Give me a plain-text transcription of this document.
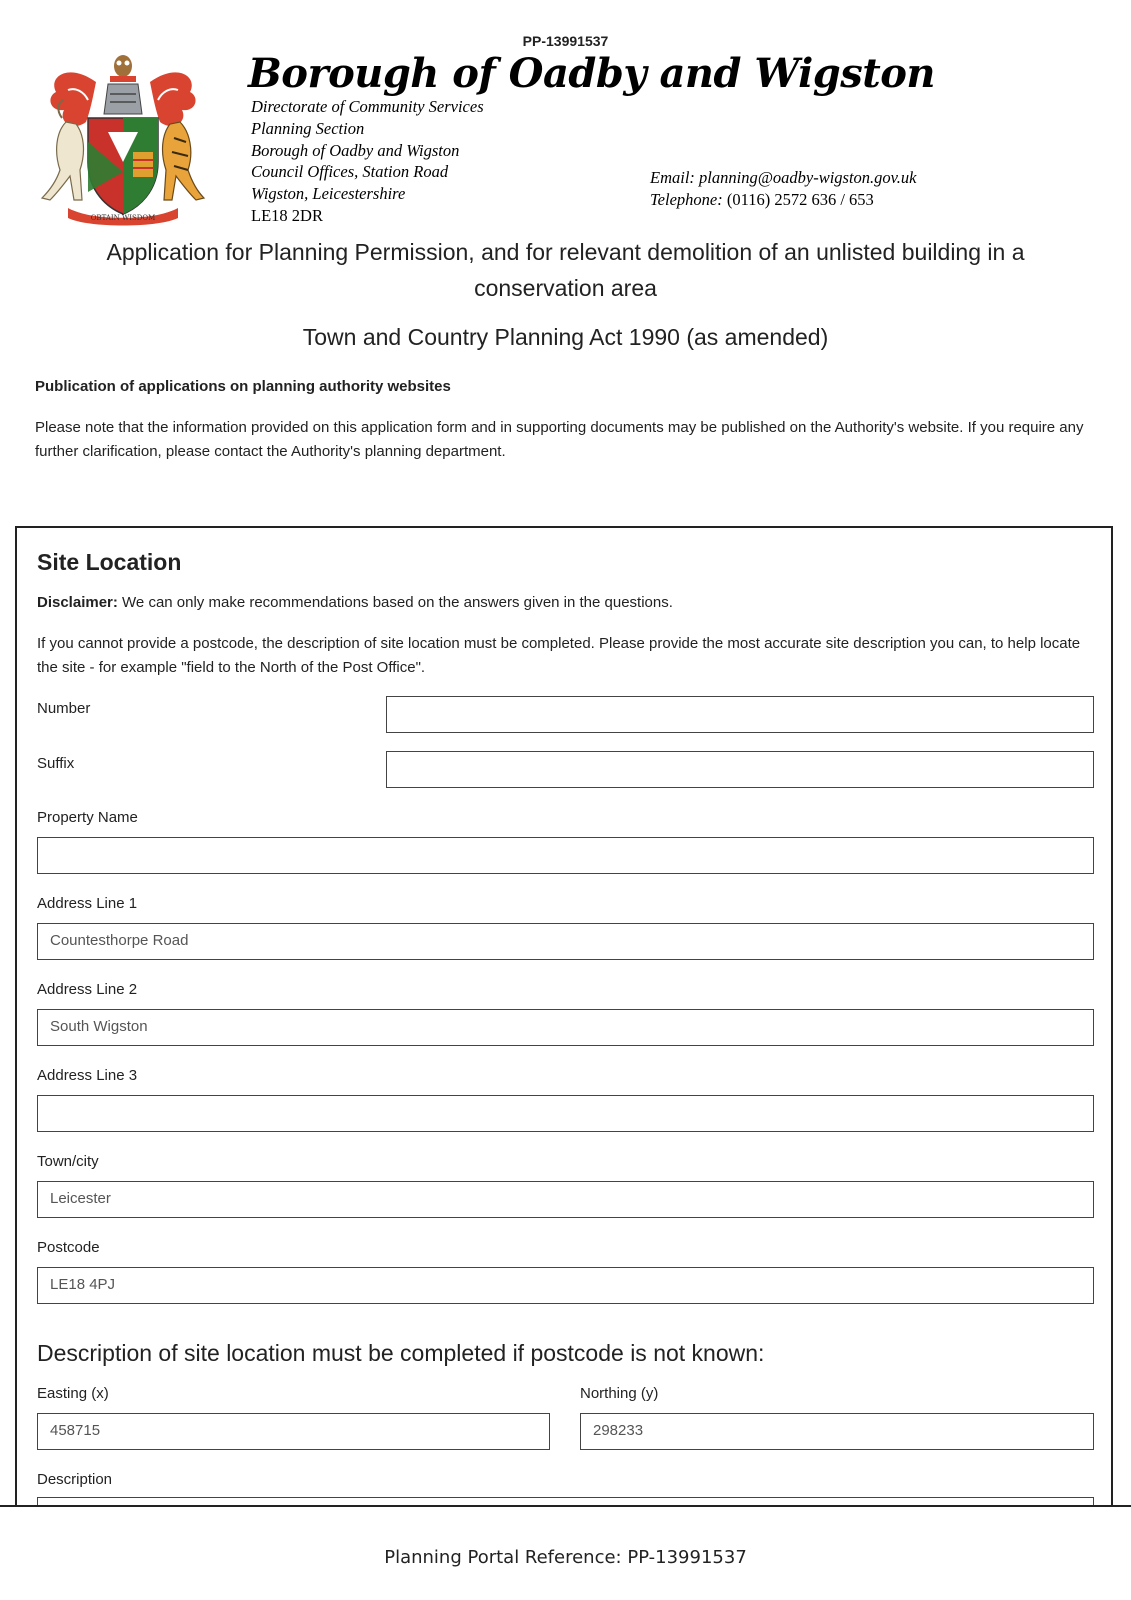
PP-13991537
OBTAIN WISDOM
Borough of Oadby and Wigston
Directorate of Community Services
Planning Section
Borough of Oadby and Wigston
Council Offices, Station Road
Wigston, Leicestershire
LE18 2DR
Email: planning@oadby-wigston.gov.uk
Telephone: (0116) 2572 636 / 653
Application for Planning Permission, and for relevant demolition of an unlisted building in a conservation area
Town and Country Planning Act 1990 (as amended)
Publication of applications on planning authority websites
Please note that the information provided on this application form and in supporting documents may be published on the Authority's website. If you require any further clarification, please contact the Authority's planning department.
Site Location
Disclaimer: We can only make recommendations based on the answers given in the questions.
If you cannot provide a postcode, the description of site location must be completed. Please provide the most accurate site description you can, to help locate the site - for example "field to the North of the Post Office".
Number
Suffix
Property Name
Address Line 1
Countesthorpe Road
Address Line 2
South Wigston
Address Line 3
Town/city
Leicester
Postcode
LE18 4PJ
Description of site location must be completed if postcode is not known:
Easting (x)
458715
Northing (y)
298233
Description
Planning Portal Reference: PP-13991537
